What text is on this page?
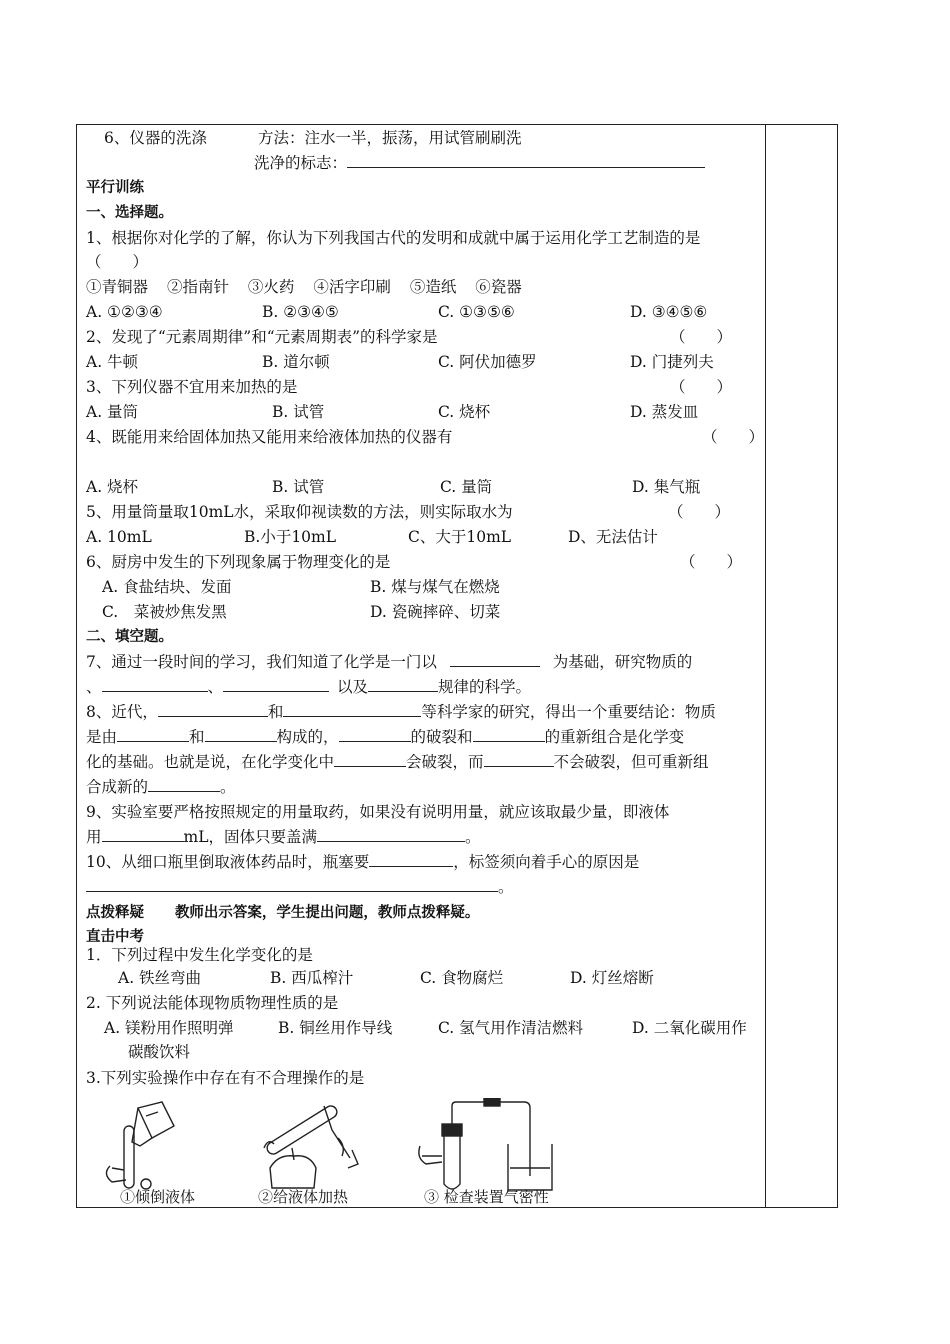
6、仪器的洗涤	方法：注水一半，振荡，用试管刷刷洗
洗净的标志：
平行训练
一、选择题。
1、根据你对化学的了解，你认为下列我国古代的发明和成就中属于运用化学工艺制造的是
（　　）
①青铜器 ②指南针 ③火药 ④活字印刷 ⑤造纸 ⑥瓷器
A. ①②③④	B. ②③④⑤	C. ①③⑤⑥	D. ③④⑤⑥
2、发现了“元素周期律”和“元素周期表”的科学家是	（　　）
A. 牛顿	B. 道尔顿	C. 阿伏加德罗	D. 门捷列夫
3、下列仪器不宜用来加热的是	（　　）
A. 量筒	B. 试管	C. 烧杯	D. 蒸发皿
4、既能用来给固体加热又能用来给液体加热的仪器有	（　　）
A. 烧杯	B. 试管	C. 量筒	D. 集气瓶
5、用量筒量取10mL水，采取仰视读数的方法，则实际取水为	（　　）
A. 10mL	B.小于10mL	C、大于10mL	D、无法估计
6、厨房中发生的下列现象属于物理变化的是	（　　）
A. 食盐结块、发面	B. 煤与煤气在燃烧
C.　菜被炒焦发黑	D. 瓷碗摔碎、切菜
二、填空题。
7、通过一段时间的学习，我们知道了化学是一门以	为基础，研究物质的
、	、	以及	规律的科学。
8、近代，	和	等科学家的研究，得出一个重要结论：物质
是由	和	构成的，	的破裂和	的重新组合是化学变
化的基础。也就是说，在化学变化中	会破裂，而	不会破裂，但可重新组
合成新的	。
9、实验室要严格按照规定的用量取药，如果没有说明用量，就应该取最少量，即液体
用	mL，固体只要盖满	。
10、从细口瓶里倒取液体药品时，瓶塞要	，标签须向着手心的原因是
。
点拨释疑 教师出示答案，学生提出问题，教师点拨释疑。
直击中考
1．下列过程中发生化学变化的是
A. 铁丝弯曲	B. 西瓜榨汁	C. 食物腐烂	D. 灯丝熔断
2. 下列说法能体现物质物理性质的是
A. 镁粉用作照明弹	B. 铜丝用作导线	C. 氢气用作清洁燃料	D. 二氧化碳用作
碳酸饮料
3.下列实验操作中存在有不合理操作的是
①倾倒液体	②给液体加热	③ 检查装置气密性
